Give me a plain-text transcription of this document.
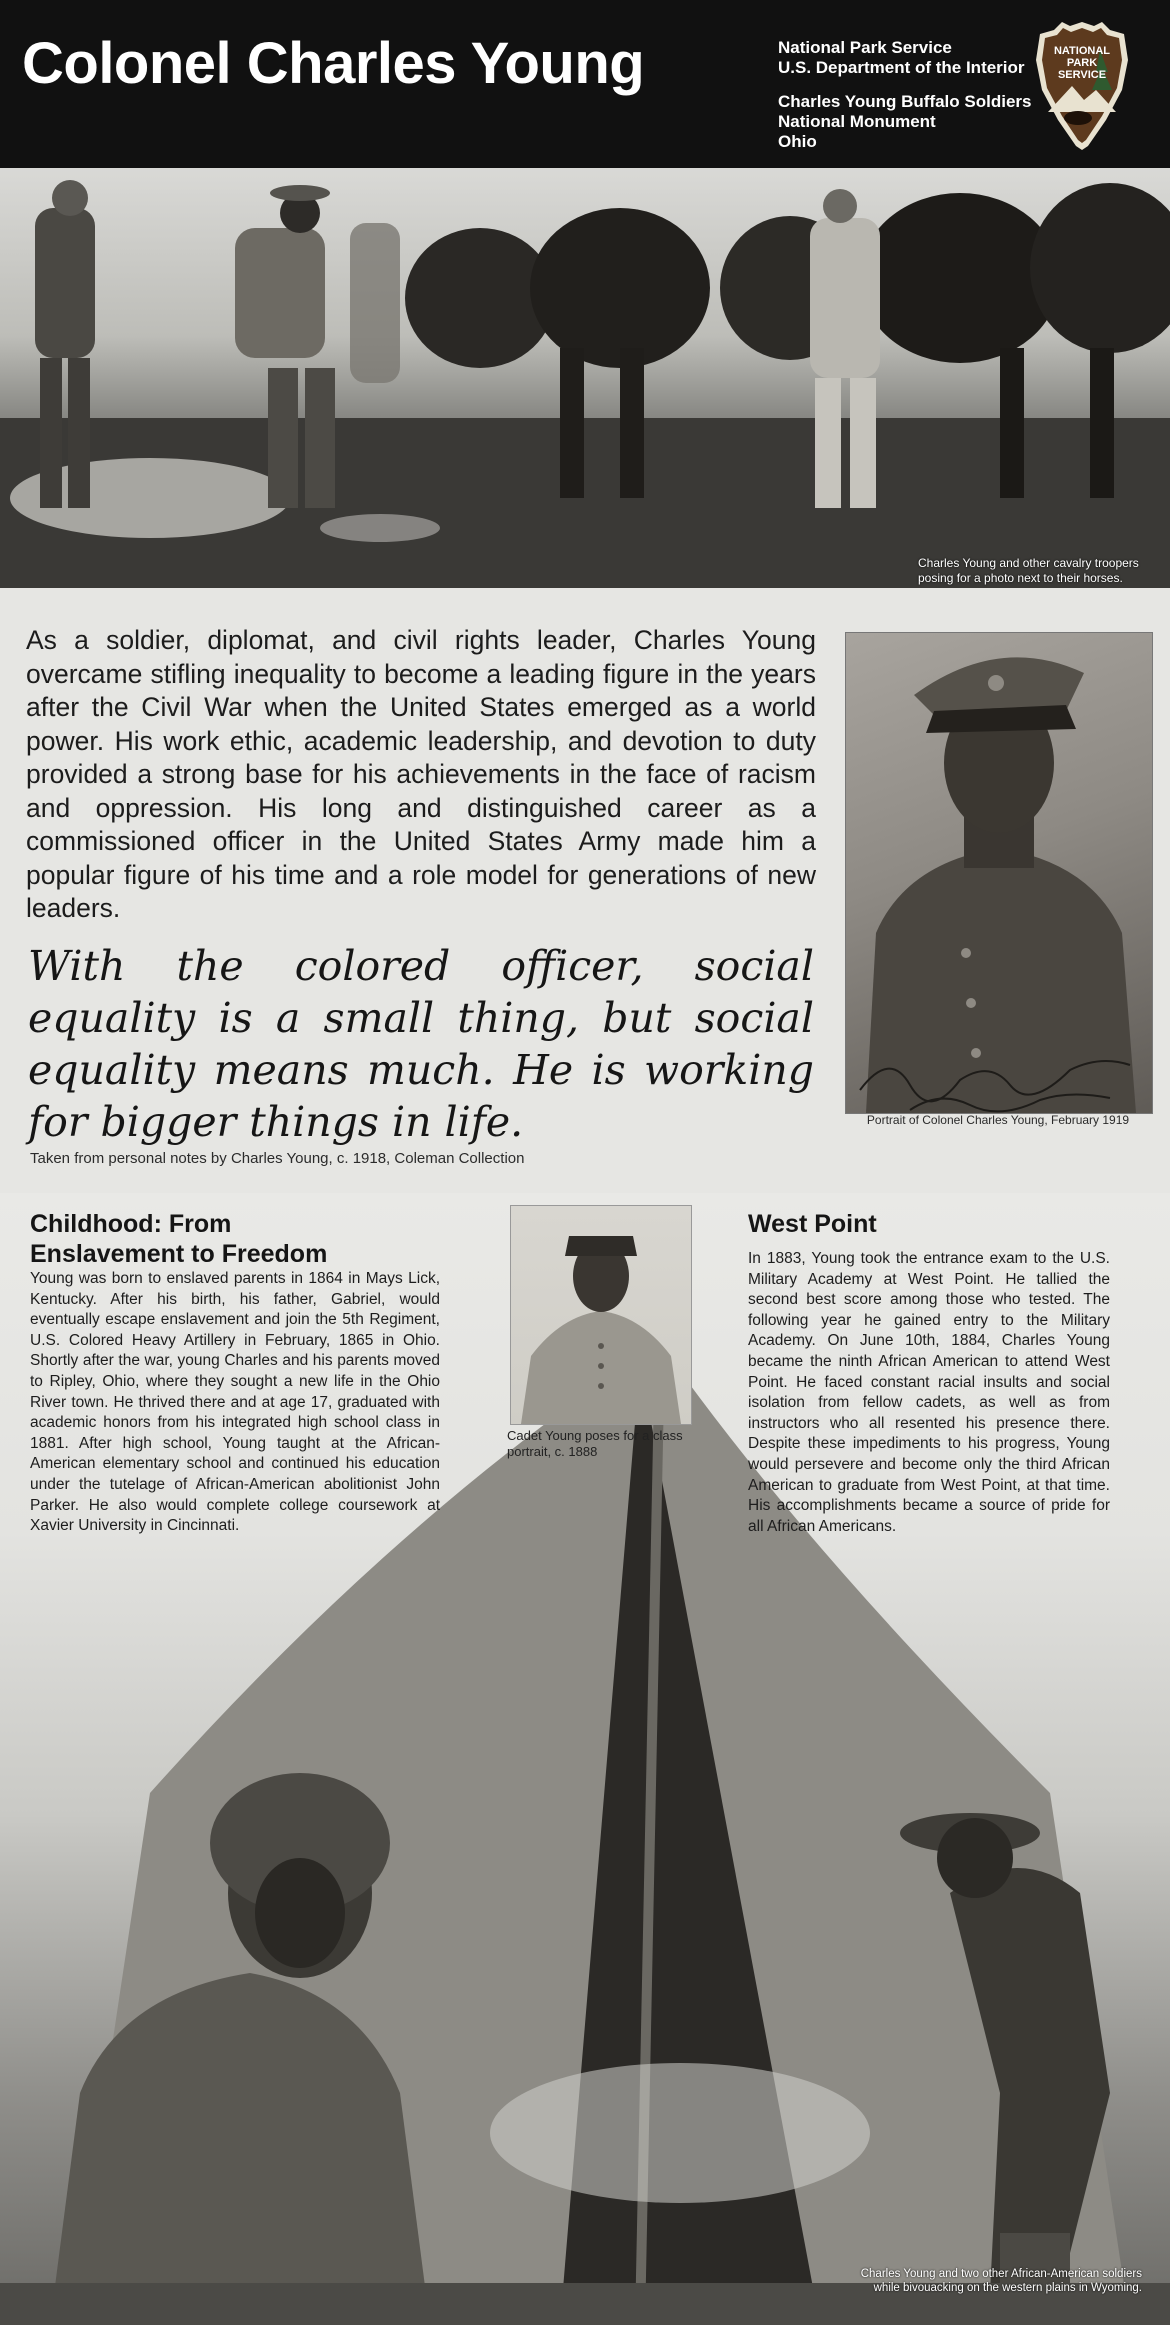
Colonel Charles Young	National Park Service
U.S. Department of the Interior
Charles Young Buffalo Soldiers
National Monument
Ohio
NATIONAL
PARK
SERVICE
Charles Young and other cavalry troopers
posing for a photo next to their horses.

As a soldier, diplomat, and civil rights leader, Charles Young overcame stifling inequality to become a leading figure in the years after the Civil War when the United States emerged as a world power. His work ethic, academic leadership, and devotion to duty provided a strong base for his achievements in the face of racism and oppression. His long and distinguished career as a commissioned officer in the United States Army made him a popular figure of his time and a role model for generations of new leaders.

With the colored officer, social equality is a small thing, but social equality means much. He is working for bigger things in life.

Taken from personal notes by Charles Young, c. 1918, Coleman Collection
Portrait of Colonel Charles Young, February 1919
Childhood: From
Enslavement to Freedom

Young was born to enslaved parents in 1864 in Mays Lick, Kentucky. After his birth, his father, Gabriel, would eventually escape enslavement and join the 5th Regiment, U.S. Colored Heavy Artillery in February, 1865 in Ohio. Shortly after the war, young Charles and his parents moved to Ripley, Ohio, where they sought a new life in the Ohio River town. He thrived there and at age 17, graduated with academic honors from his integrated high school class in 1881. After high school, Young taught at the African-American elementary school and continued his education under the tutelage of African-American abolitionist John Parker. He also would complete college coursework at Xavier University in Cincinnati.

West Point

In 1883, Young took the entrance exam to the U.S. Military Academy at West Point. He tallied the second best score among those who tested. The following year he gained entry to the Military Academy. On June 10th, 1884, Charles Young became the ninth African American to attend West Point. He faced constant racial insults and social isolation from fellow cadets, as well as from instructors who all resented his presence there. Despite these impediments to his progress, Young would persevere and become only the third African American to graduate from West Point, at that time. His accomplishments became a source of pride for all African Americans.

Cadet Young poses for a class portrait, c. 1888
Charles Young and two other African-American soldiers
while bivouacking on the western plains in Wyoming.
